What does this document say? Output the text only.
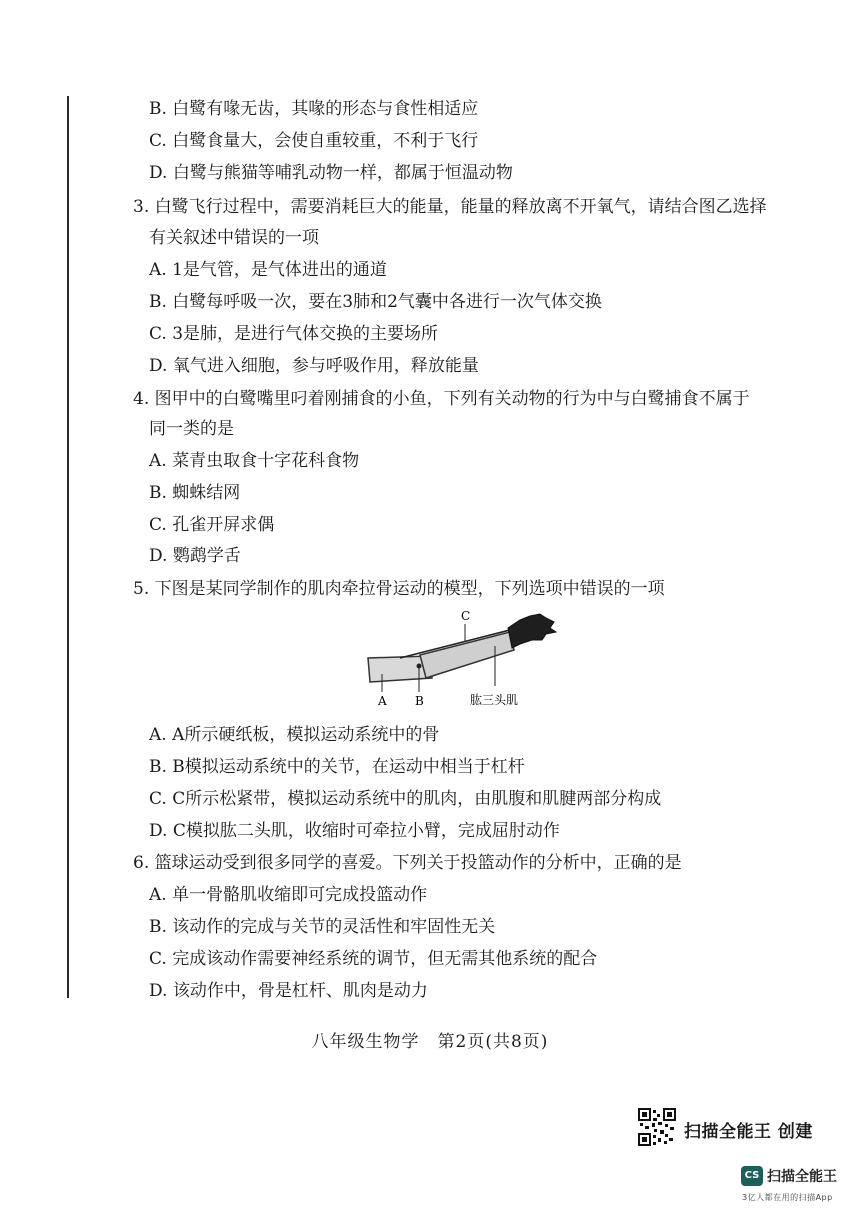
B. 白鹭有喙无齿，其喙的形态与食性相适应
C. 白鹭食量大，会使自重较重，不利于飞行
D. 白鹭与熊猫等哺乳动物一样，都属于恒温动物
3. 白鹭飞行过程中，需要消耗巨大的能量，能量的释放离不开氧气，请结合图乙选择
有关叙述中错误的一项
A. 1是气管，是气体进出的通道
B. 白鹭每呼吸一次，要在3肺和2气囊中各进行一次气体交换
C. 3是肺，是进行气体交换的主要场所
D. 氧气进入细胞，参与呼吸作用，释放能量
4. 图甲中的白鹭嘴里叼着刚捕食的小鱼，下列有关动物的行为中与白鹭捕食不属于
同一类的是
A. 菜青虫取食十字花科食物
B. 蜘蛛结网
C. 孔雀开屏求偶
D. 鹦鹉学舌
5. 下图是某同学制作的肌肉牵拉骨运动的模型，下列选项中错误的一项
A B
C
肱三头肌
A. A所示硬纸板，模拟运动系统中的骨
B. B模拟运动系统中的关节，在运动中相当于杠杆
C. C所示松紧带，模拟运动系统中的肌肉，由肌腹和肌腱两部分构成
D. C模拟肱二头肌，收缩时可牵拉小臂，完成屈肘动作
6. 篮球运动受到很多同学的喜爱。下列关于投篮动作的分析中，正确的是
A. 单一骨骼肌收缩即可完成投篮动作
B. 该动作的完成与关节的灵活性和牢固性无关
C. 完成该动作需要神经系统的调节，但无需其他系统的配合
D. 该动作中，骨是杠杆、肌肉是动力
八年级生物学　第2页(共8页)
扫描全能王 创建
CS 扫描全能王
3亿人都在用的扫描App
